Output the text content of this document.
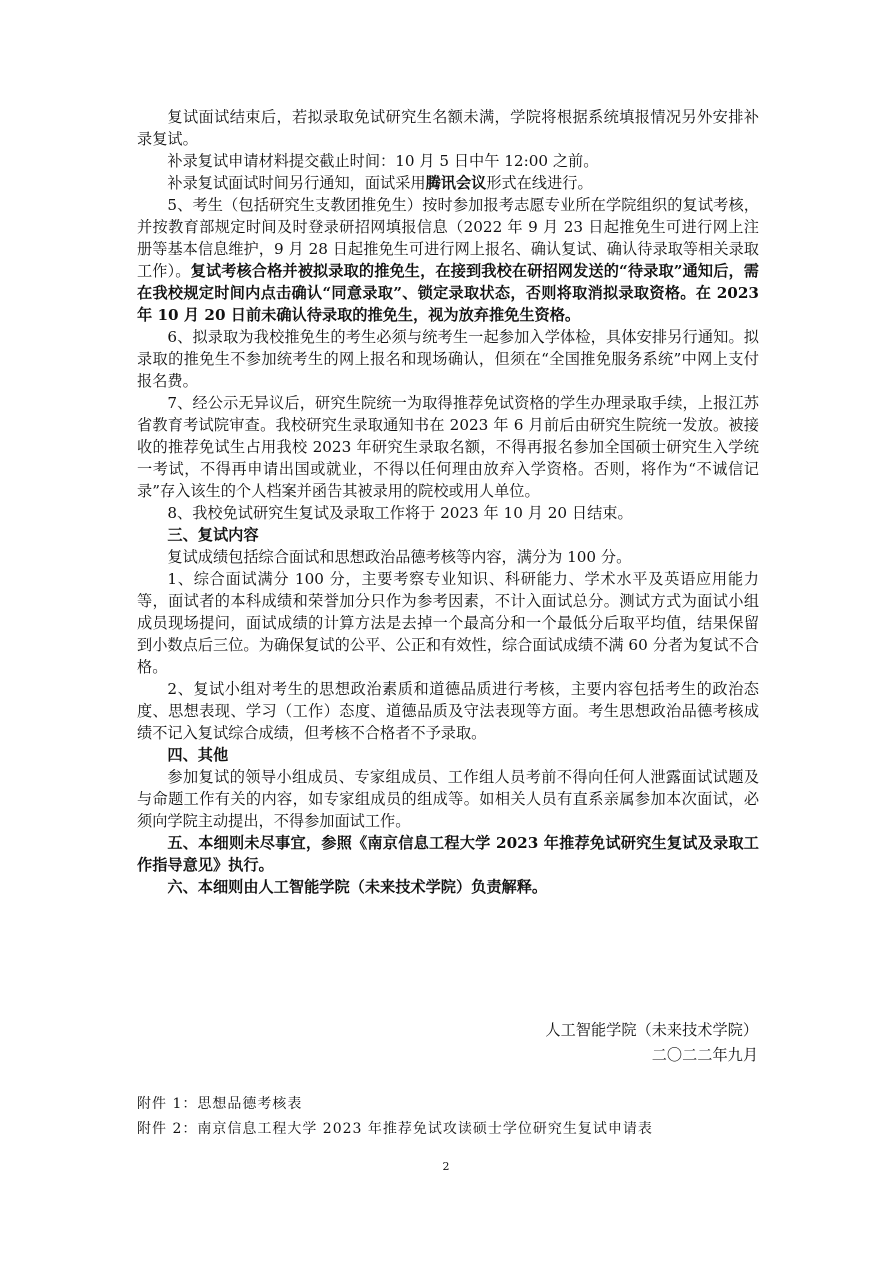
复试面试结束后，若拟录取免试研究生名额未满，学院将根据系统填报情况另外安排补录复试。

补录复试申请材料提交截止时间：10 月 5 日中午 12:00 之前。

补录复试面试时间另行通知，面试采用腾讯会议形式在线进行。

5、考生（包括研究生支教团推免生）按时参加报考志愿专业所在学院组织的复试考核，并按教育部规定时间及时登录研招网填报信息（2022 年 9 月 23 日起推免生可进行网上注册等基本信息维护，9 月 28 日起推免生可进行网上报名、确认复试、确认待录取等相关录取工作）。复试考核合格并被拟录取的推免生，在接到我校在研招网发送的“待录取”通知后，需在我校规定时间内点击确认“同意录取”、锁定录取状态，否则将取消拟录取资格。在 2023 年 10 月 20 日前未确认待录取的推免生，视为放弃推免生资格。

6、拟录取为我校推免生的考生必须与统考生一起参加入学体检，具体安排另行通知。拟录取的推免生不参加统考生的网上报名和现场确认，但须在“全国推免服务系统”中网上支付报名费。

7、经公示无异议后，研究生院统一为取得推荐免试资格的学生办理录取手续，上报江苏省教育考试院审查。我校研究生录取通知书在 2023 年 6 月前后由研究生院统一发放。被接收的推荐免试生占用我校 2023 年研究生录取名额，不得再报名参加全国硕士研究生入学统一考试，不得再申请出国或就业，不得以任何理由放弃入学资格。否则，将作为“不诚信记录”存入该生的个人档案并函告其被录用的院校或用人单位。

8、我校免试研究生复试及录取工作将于 2023 年 10 月 20 日结束。

三、复试内容

复试成绩包括综合面试和思想政治品德考核等内容，满分为 100 分。

1、综合面试满分 100 分，主要考察专业知识、科研能力、学术水平及英语应用能力等，面试者的本科成绩和荣誉加分只作为参考因素，不计入面试总分。测试方式为面试小组成员现场提问，面试成绩的计算方法是去掉一个最高分和一个最低分后取平均值，结果保留到小数点后三位。为确保复试的公平、公正和有效性，综合面试成绩不满 60 分者为复试不合格。

2、复试小组对考生的思想政治素质和道德品质进行考核，主要内容包括考生的政治态度、思想表现、学习（工作）态度、道德品质及守法表现等方面。考生思想政治品德考核成绩不记入复试综合成绩，但考核不合格者不予录取。

四、其他

参加复试的领导小组成员、专家组成员、工作组人员考前不得向任何人泄露面试试题及与命题工作有关的内容，如专家组成员的组成等。如相关人员有直系亲属参加本次面试，必须向学院主动提出，不得参加面试工作。

五、本细则未尽事宜，参照《南京信息工程大学 2023 年推荐免试研究生复试及录取工作指导意见》执行。

六、本细则由人工智能学院（未来技术学院）负责解释。

人工智能学院（未来技术学院）
二〇二二年九月
附件 1：思想品德考核表
附件 2：南京信息工程大学 2023 年推荐免试攻读硕士学位研究生复试申请表
2
